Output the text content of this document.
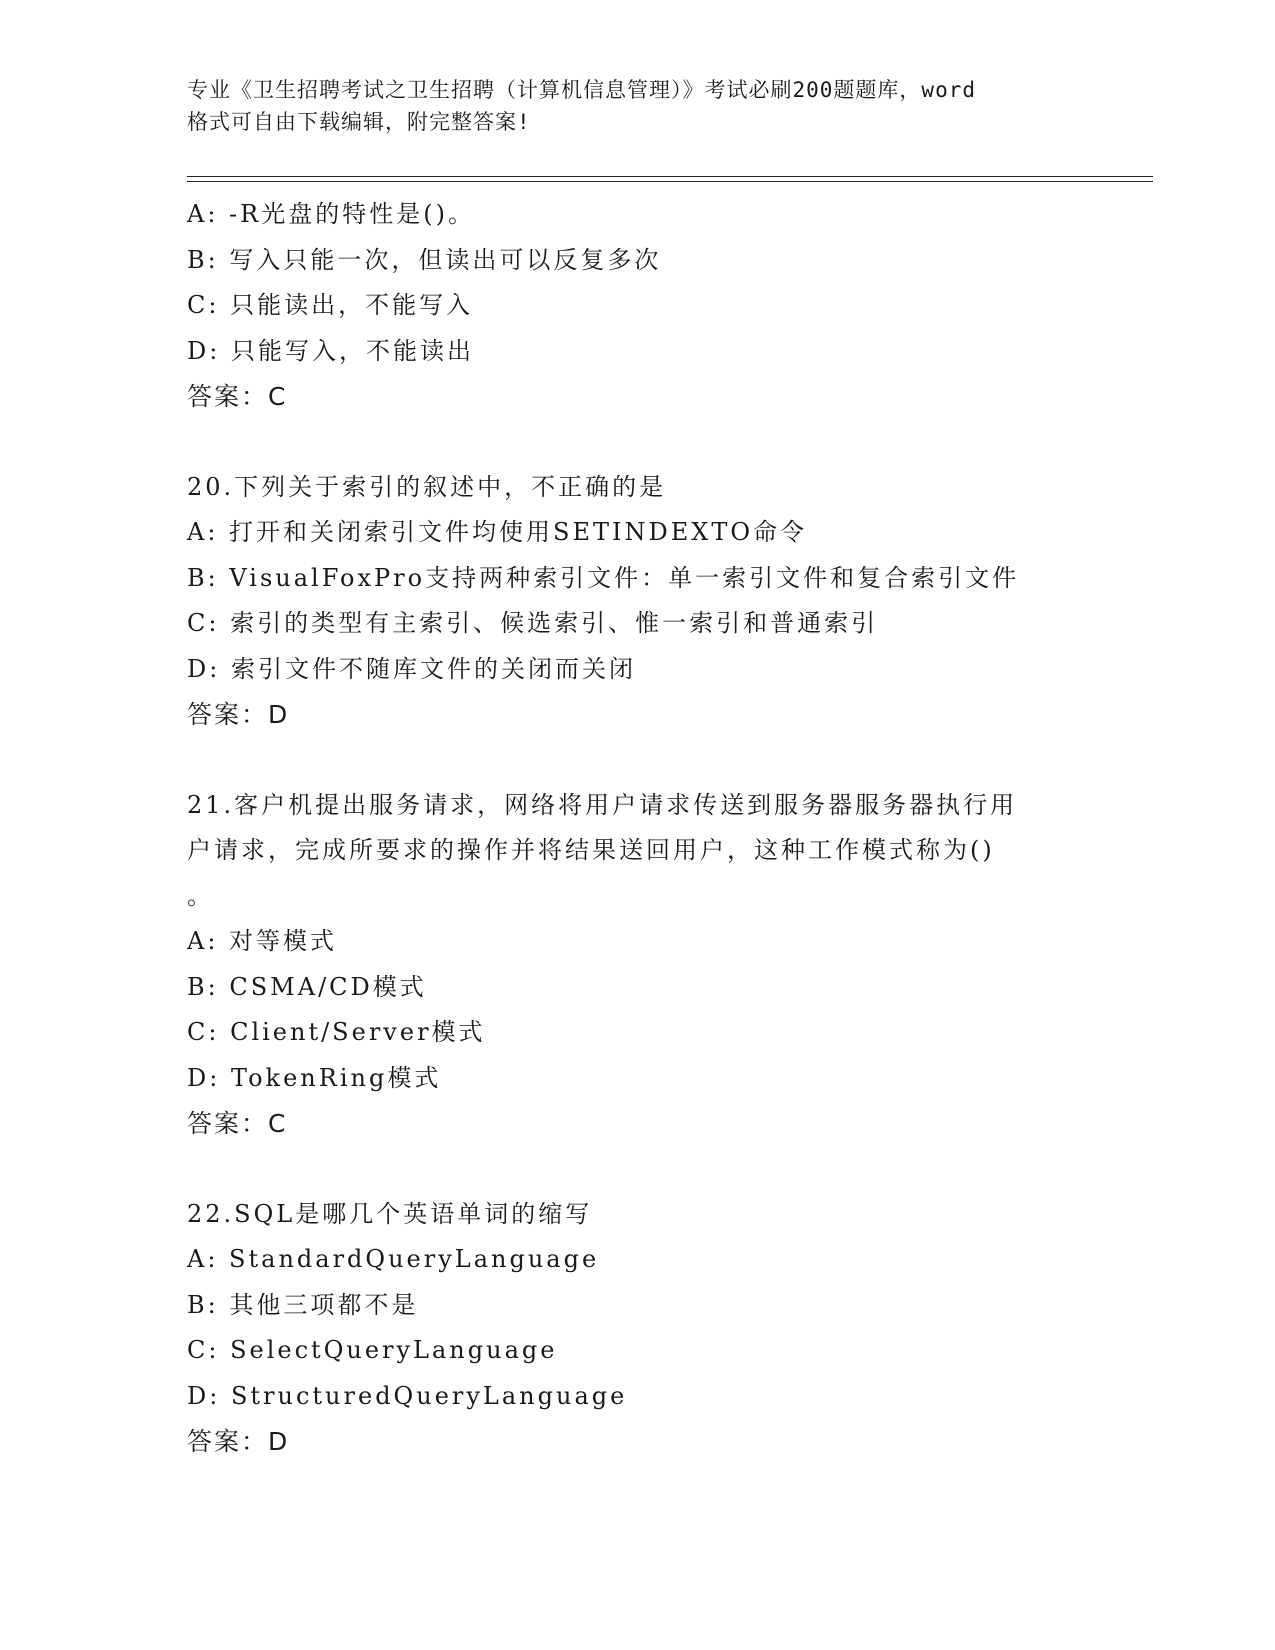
专业《卫生招聘考试之卫生招聘（计算机信息管理）》考试必刷200题题库，word
格式可自由下载编辑，附完整答案!
A: -R光盘的特性是()。
B: 写入只能一次，但读出可以反复多次
C: 只能读出，不能写入
D: 只能写入，不能读出
答案：C
20.下列关于索引的叙述中，不正确的是
A: 打开和关闭索引文件均使用SETINDEXTO命令
B: VisualFoxPro支持两种索引文件：单一索引文件和复合索引文件
C: 索引的类型有主索引、候选索引、惟一索引和普通索引
D: 索引文件不随库文件的关闭而关闭
答案：D
21.客户机提出服务请求，网络将用户请求传送到服务器服务器执行用
户请求，完成所要求的操作并将结果送回用户，这种工作模式称为()
。
A: 对等模式
B: CSMA/CD模式
C: Client/Server模式
D: TokenRing模式
答案：C
22.SQL是哪几个英语单词的缩写
A: StandardQueryLanguage
B: 其他三项都不是
C: SelectQueryLanguage
D: StructuredQueryLanguage
答案：D
